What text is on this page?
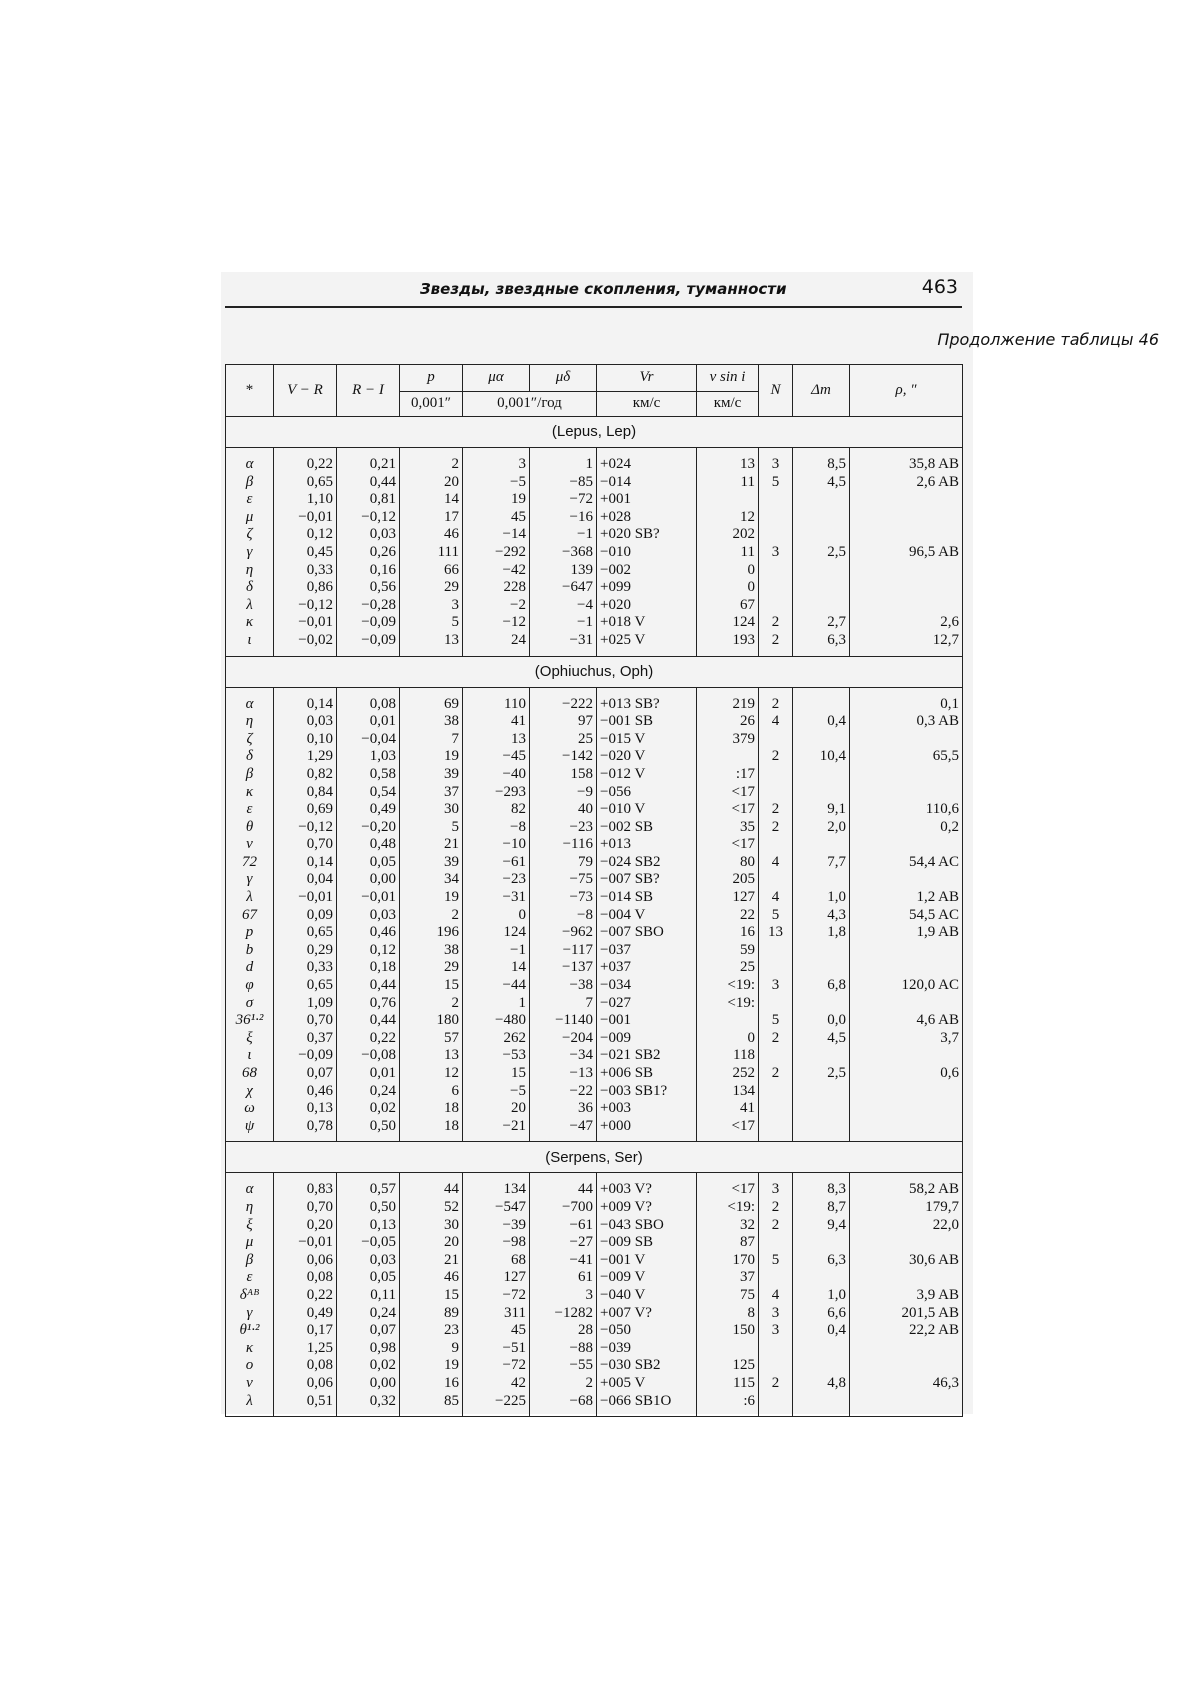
Звезды, звездные скопления, туманности	463
Продолжение таблицы 46
*	V − R	R − I	p	μα	μδ	Vr	v sin i	N	Δm	ρ, ″
			0,001″	0,001″/год		км/с	км/с			
(Lepus, Lep)										

α	0,22	0,21	2	3	1	+024	13	3	8,5	35,8 AB
β	0,65	0,44	20	−5	−85	−014	11	5	4,5	2,6 AB
ε	1,10	0,81	14	19	−72	+001				
μ	−0,01	−0,12	17	45	−16	+028	12			
ζ	0,12	0,03	46	−14	−1	+020 SB?	202			
γ	0,45	0,26	111	−292	−368	−010	11	3	2,5	96,5 AB
η	0,33	0,16	66	−42	139	−002	0			
δ	0,86	0,56	29	228	−647	+099	0			
λ	−0,12	−0,28	3	−2	−4	+020	67			
κ	−0,01	−0,09	5	−12	−1	+018 V	124	2	2,7	2,6
ι	−0,02	−0,09	13	24	−31	+025 V	193	2	6,3	12,7

(Ophiuchus, Oph)										

α	0,14	0,08	69	110	−222	+013 SB?	219	2		0,1
η	0,03	0,01	38	41	97	−001 SB	26	4	0,4	0,3 AB
ζ	0,10	−0,04	7	13	25	−015 V	379			
δ	1,29	1,03	19	−45	−142	−020 V		2	10,4	65,5
β	0,82	0,58	39	−40	158	−012 V	:17			
κ	0,84	0,54	37	−293	−9	−056	<17			
ε	0,69	0,49	30	82	40	−010 V	<17	2	9,1	110,6
θ	−0,12	−0,20	5	−8	−23	−002 SB	35	2	2,0	0,2
ν	0,70	0,48	21	−10	−116	+013	<17			
72	0,14	0,05	39	−61	79	−024 SB2	80	4	7,7	54,4 AC
γ	0,04	0,00	34	−23	−75	−007 SB?	205			
λ	−0,01	−0,01	19	−31	−73	−014 SB	127	4	1,0	1,2 AB
67	0,09	0,03	2	0	−8	−004 V	22	5	4,3	54,5 AC
p	0,65	0,46	196	124	−962	−007 SBO	16	13	1,8	1,9 AB
b	0,29	0,12	38	−1	−117	−037	59			
d	0,33	0,18	29	14	−137	+037	25			
φ	0,65	0,44	15	−44	−38	−034	<19:	3	6,8	120,0 AC
σ	1,09	0,76	2	1	7	−027	<19:			
36¹·²	0,70	0,44	180	−480	−1140	−001		5	0,0	4,6 AB
ξ	0,37	0,22	57	262	−204	−009	0	2	4,5	3,7
ι	−0,09	−0,08	13	−53	−34	−021 SB2	118			
68	0,07	0,01	12	15	−13	+006 SB	252	2	2,5	0,6
χ	0,46	0,24	6	−5	−22	−003 SB1?	134			
ω	0,13	0,02	18	20	36	+003	41			
ψ	0,78	0,50	18	−21	−47	+000	<17			

(Serpens, Ser)										

α	0,83	0,57	44	134	44	+003 V?	<17	3	8,3	58,2 AB
η	0,70	0,50	52	−547	−700	+009 V?	<19:	2	8,7	179,7
ξ	0,20	0,13	30	−39	−61	−043 SBO	32	2	9,4	22,0
μ	−0,01	−0,05	20	−98	−27	−009 SB	87			
β	0,06	0,03	21	68	−41	−001 V	170	5	6,3	30,6 AB
ε	0,08	0,05	46	127	61	−009 V	37			
δᴬᴮ	0,22	0,11	15	−72	3	−040 V	75	4	1,0	3,9 AB
γ	0,49	0,24	89	311	−1282	+007 V?	8	3	6,6	201,5 AB
θ¹·²	0,17	0,07	23	45	28	−050	150	3	0,4	22,2 AB
κ	1,25	0,98	9	−51	−88	−039				
ο	0,08	0,02	19	−72	−55	−030 SB2	125			
ν	0,06	0,00	16	42	2	+005 V	115	2	4,8	46,3
λ	0,51	0,32	85	−225	−68	−066 SB1O	:6			
